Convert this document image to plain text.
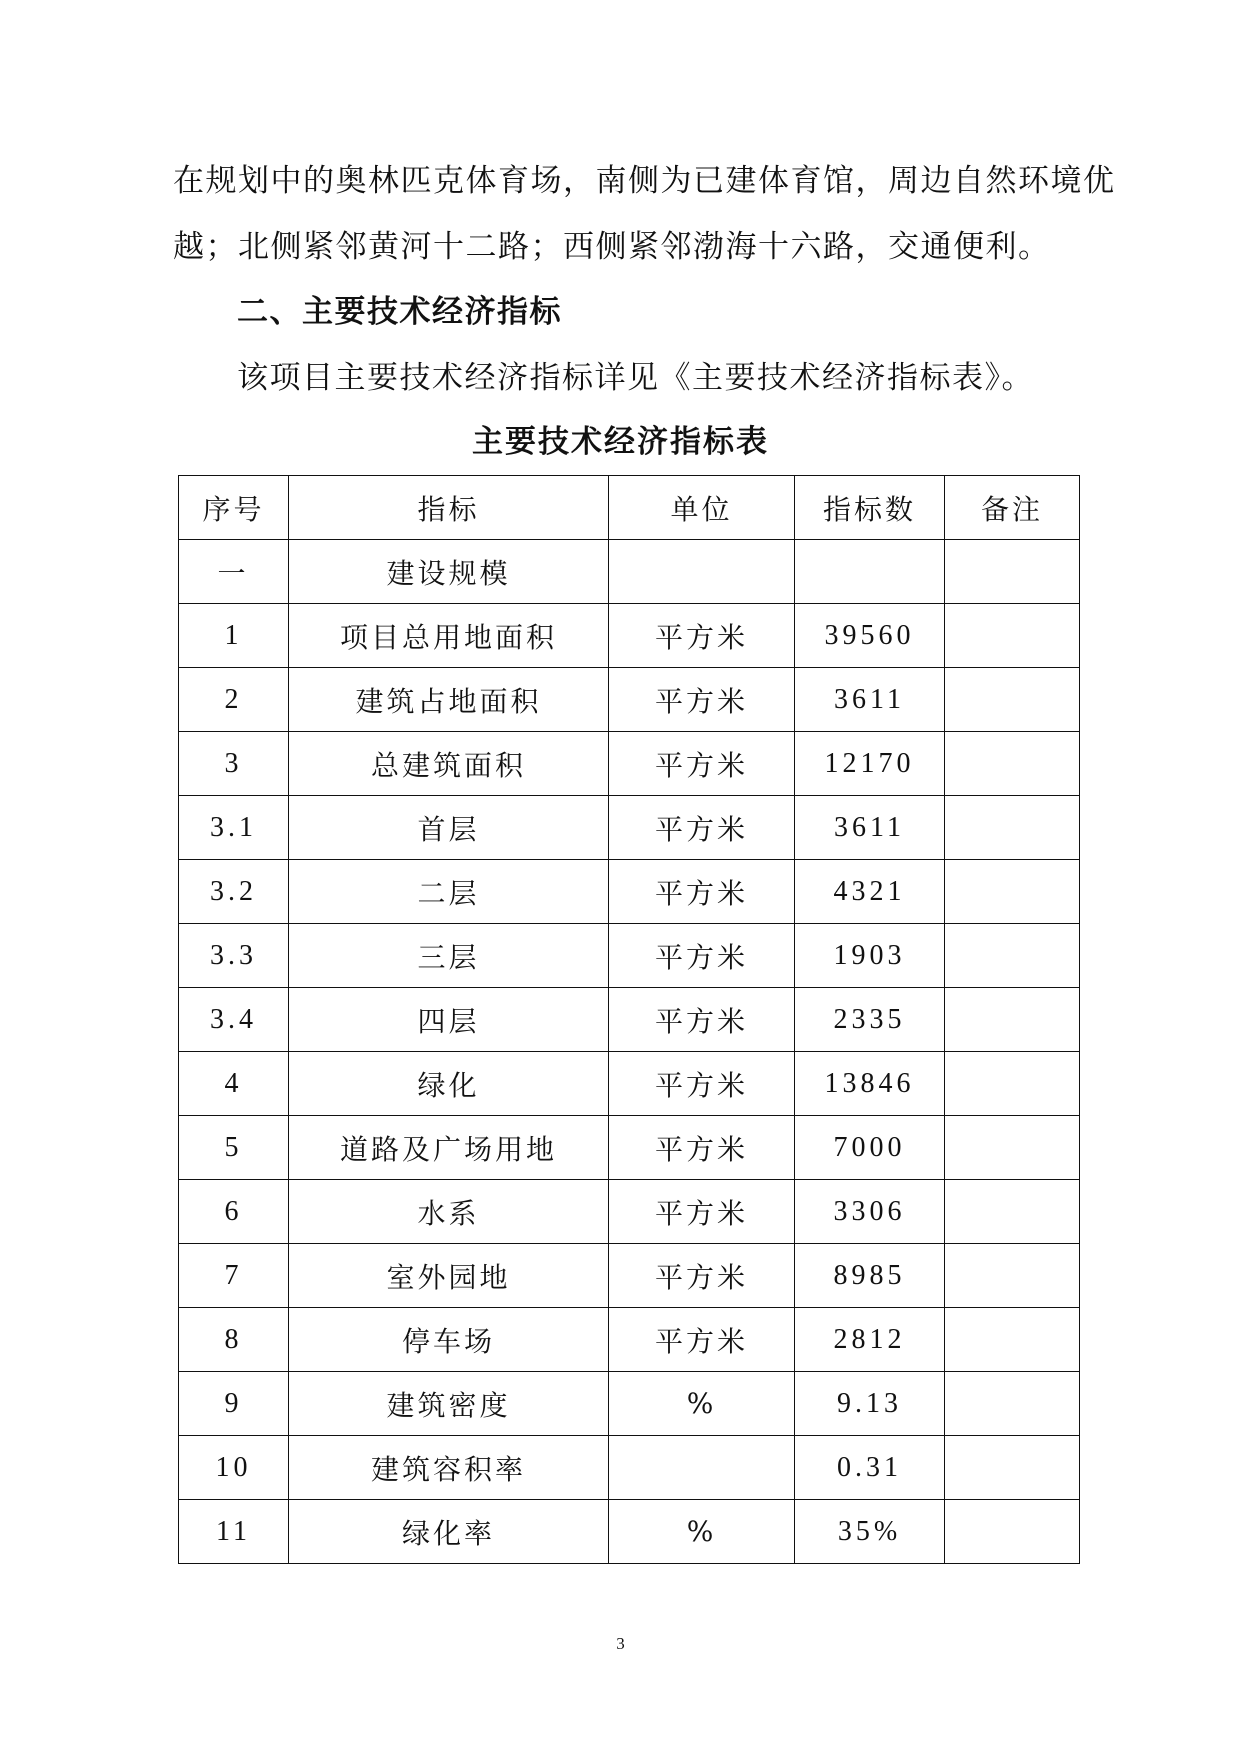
在规划中的奥林匹克体育场，南侧为已建体育馆，周边自然环境优

越；北侧紧邻黄河十二路；西侧紧邻渤海十六路，交通便利。

二、主要技术经济指标

该项目主要技术经济指标详见《主要技术经济指标表》。

主要技术经济指标表
序号	指标	单位	指标数	备注
一	建设规模			
1	项目总用地面积	平方米	39560	
2	建筑占地面积	平方米	3611	
3	总建筑面积	平方米	12170	
3.1	首层	平方米	3611	
3.2	二层	平方米	4321	
3.3	三层	平方米	1903	
3.4	四层	平方米	2335	
4	绿化	平方米	13846	
5	道路及广场用地	平方米	7000	
6	水系	平方米	3306	
7	室外园地	平方米	8985	
8	停车场	平方米	2812	
9	建筑密度	%	9.13	
10	建筑容积率		0.31	
11	绿化率	%	35%	
3
